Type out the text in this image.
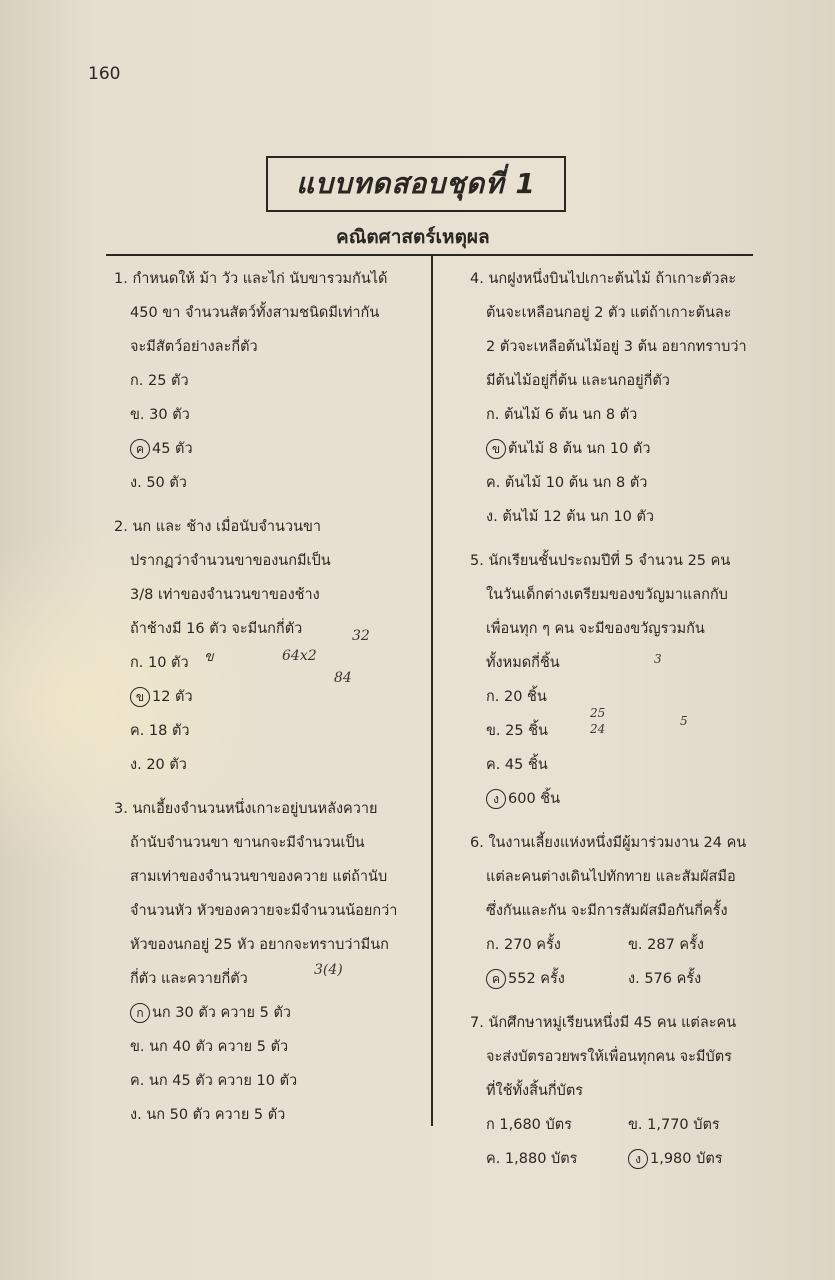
160
แบบทดสอบชุดที่ 1
คณิตศาสตร์เหตุผล
1. กำหนดให้ ม้า วัว และไก่ นับขารวมกันได้
450 ขา จำนวนสัตว์ทั้งสามชนิดมีเท่ากัน
จะมีสัตว์อย่างละกี่ตัว
ก. 25 ตัว
ข. 30 ตัว
ค 45 ตัว
ง. 50 ตัว
2. นก และ ช้าง เมื่อนับจำนวนขา
ปรากฏว่าจำนวนขาของนกมีเป็น
3/8 เท่าของจำนวนขาของช้าง
ถ้าช้างมี 16 ตัว จะมีนกกี่ตัว
ก. 10 ตัว
ข 12 ตัว
ค. 18 ตัว
ง. 20 ตัว
3. นกเอี้ยงจำนวนหนึ่งเกาะอยู่บนหลังควาย
ถ้านับจำนวนขา ขานกจะมีจำนวนเป็น
สามเท่าของจำนวนขาของควาย แต่ถ้านับ
จำนวนหัว หัวของควายจะมีจำนวนน้อยกว่า
หัวของนกอยู่ 25 หัว อยากจะทราบว่ามีนก
กี่ตัว และควายกี่ตัว
ก นก 30 ตัว ควาย 5 ตัว
ข. นก 40 ตัว ควาย 5 ตัว
ค. นก 45 ตัว ควาย 10 ตัว
ง. นก 50 ตัว ควาย 5 ตัว
4. นกฝูงหนึ่งบินไปเกาะต้นไม้ ถ้าเกาะตัวละ
ต้นจะเหลือนกอยู่ 2 ตัว แต่ถ้าเกาะต้นละ
2 ตัวจะเหลือต้นไม้อยู่ 3 ต้น อยากทราบว่า
มีต้นไม้อยู่กี่ต้น และนกอยู่กี่ตัว
ก. ต้นไม้ 6 ต้น นก 8 ตัว
ข ต้นไม้ 8 ต้น นก 10 ตัว
ค. ต้นไม้ 10 ต้น นก 8 ตัว
ง. ต้นไม้ 12 ต้น นก 10 ตัว
5. นักเรียนชั้นประถมปีที่ 5 จำนวน 25 คน
ในวันเด็กต่างเตรียมของขวัญมาแลกกับ
เพื่อนทุก ๆ คน จะมีของขวัญรวมกัน
ทั้งหมดกี่ชิ้น
ก. 20 ชิ้น
ข. 25 ชิ้น
ค. 45 ชิ้น
ง 600 ชิ้น
6. ในงานเลี้ยงแห่งหนึ่งมีผู้มาร่วมงาน 24 คน
แต่ละคนต่างเดินไปทักทาย และสัมผัสมือ
ซึ่งกันและกัน จะมีการสัมผัสมือกันกี่ครั้ง
ก. 270 ครั้ง	ข. 287 ครั้ง
ค 552 ครั้ง	ง. 576 ครั้ง
7. นักศึกษาหมู่เรียนหนึ่งมี 45 คน แต่ละคน
จะส่งบัตรอวยพรให้เพื่อนทุกคน จะมีบัตร
ที่ใช้ทั้งสิ้นกี่บัตร
ก 1,680 บัตร	ข. 1,770 บัตร
ค. 1,880 บัตร	ง 1,980 บัตร
ข	64x2
84
32
3(4)
25
24
3
5
